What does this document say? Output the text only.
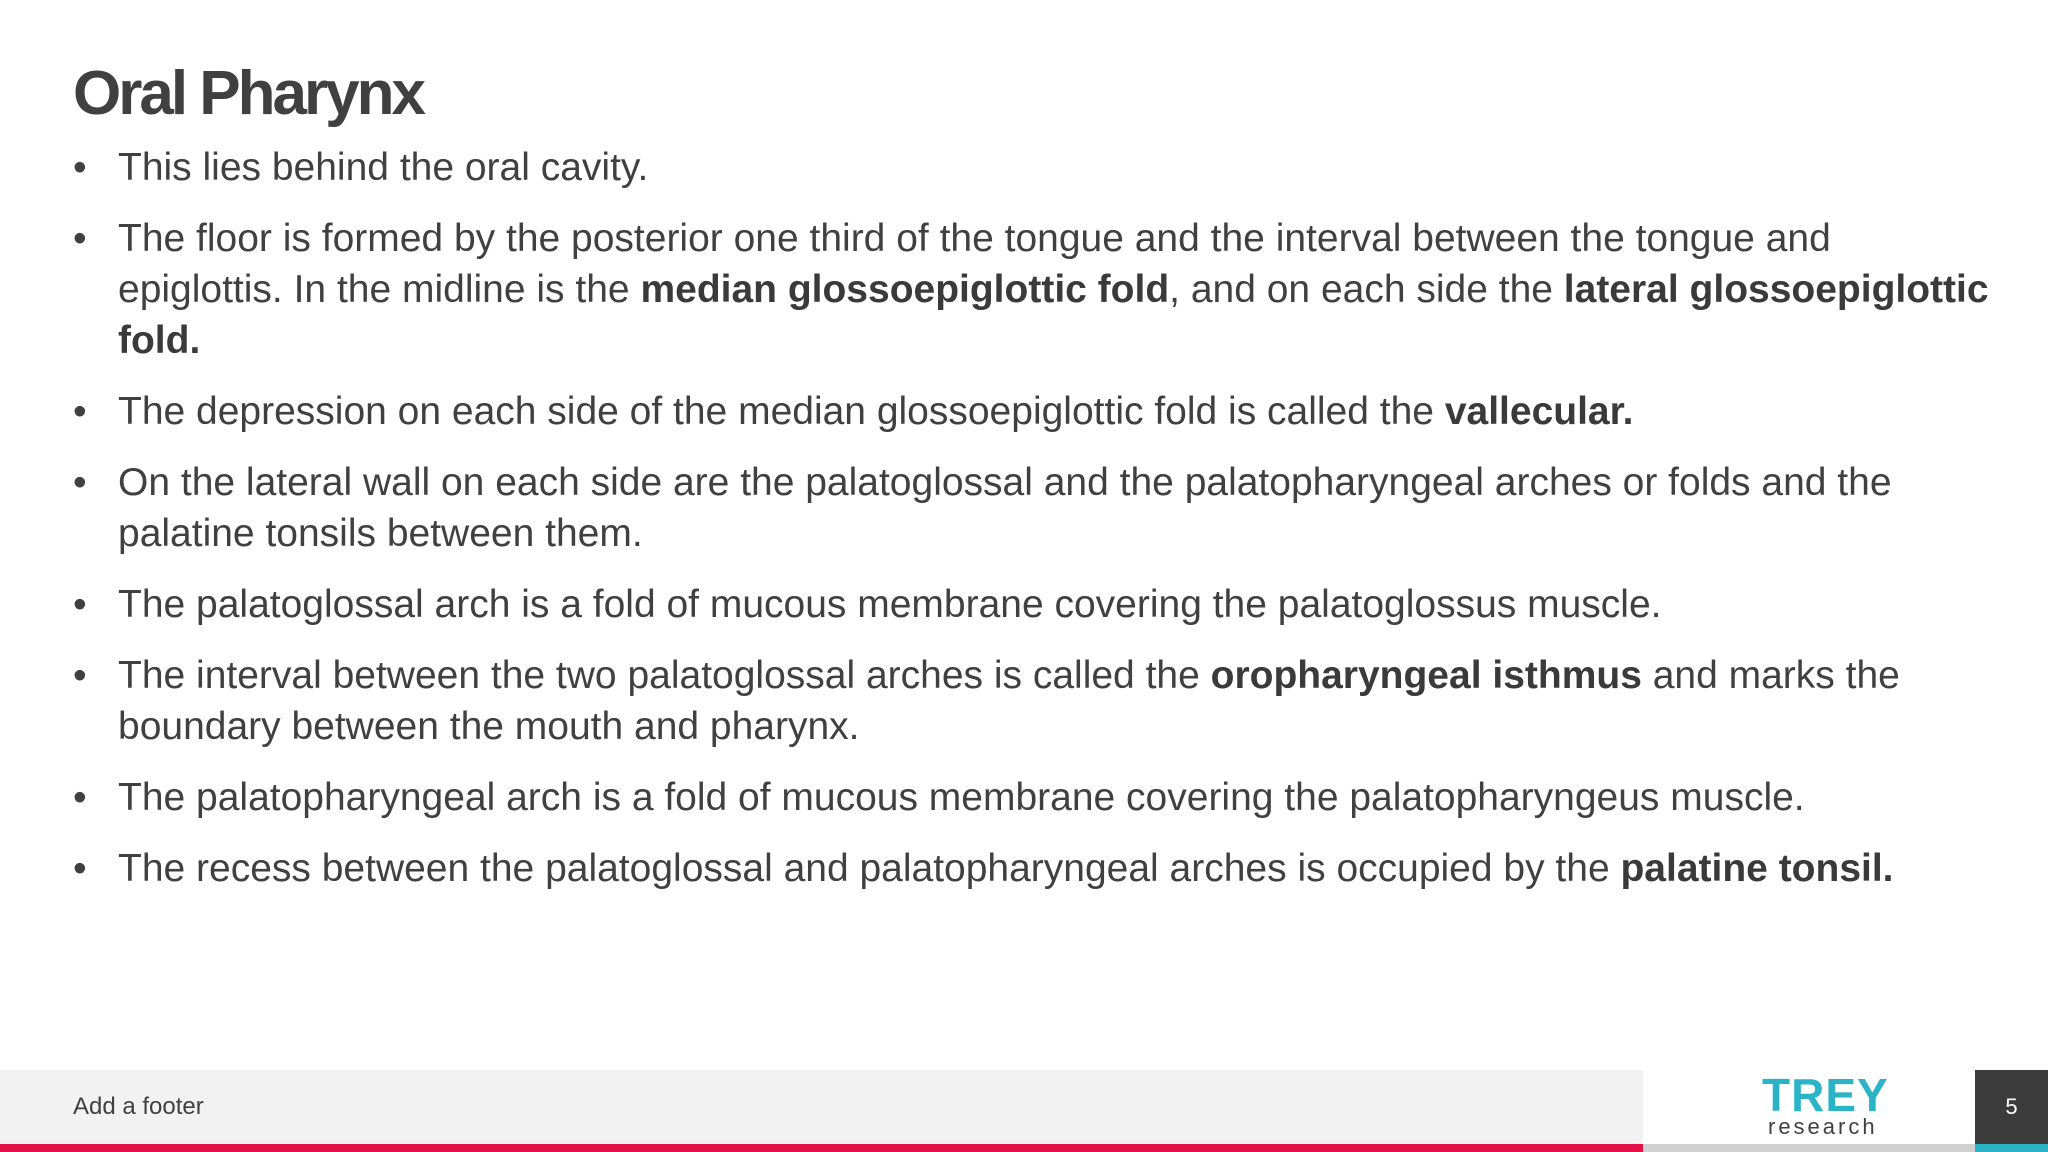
Oral Pharynx
• This lies behind the oral cavity.
• The floor is formed by the posterior one third of the tongue and the interval between the tongue and epiglottis. In the midline is the median glossoepiglottic fold, and on each side the lateral glossoepiglottic fold.
• The depression on each side of the median glossoepiglottic fold is called the vallecular.
• On the lateral wall on each side are the palatoglossal and the palatopharyngeal arches or folds and the palatine tonsils between them.
• The palatoglossal arch is a fold of mucous membrane covering the palatoglossus muscle.
• The interval between the two palatoglossal arches is called the oropharyngeal isthmus and marks the boundary between the mouth and pharynx.
• The palatopharyngeal arch is a fold of mucous membrane covering the palatopharyngeus muscle.
• The recess between the palatoglossal and palatopharyngeal arches is occupied by the palatine tonsil.
Add a footer	TREY
research
5
